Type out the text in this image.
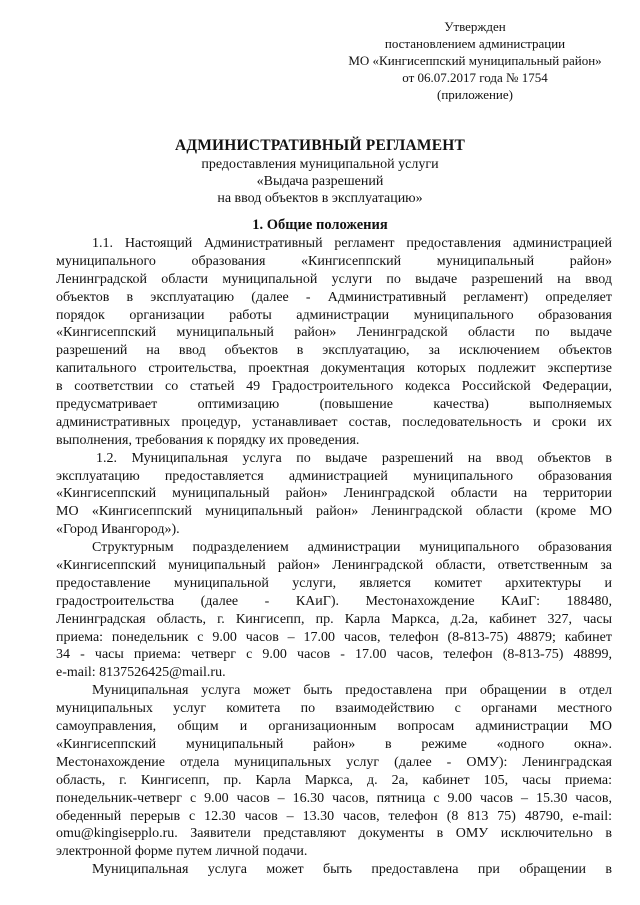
Утвержден
постановлением администрации
МО «Кингисеппский муниципальный район»
от 06.07.2017 года № 1754
(приложение)
АДМИНИСТРАТИВНЫЙ РЕГЛАМЕНТ
предоставления муниципальной услуги
«Выдача разрешений
на ввод объектов в эксплуатацию»
1. Общие положения
1.1. Настоящий Административный регламент предоставления администрацией
муниципального образования «Кингисеппский муниципальный район»
Ленинградской области муниципальной услуги по выдаче разрешений на ввод
объектов в эксплуатацию (далее - Административный регламент) определяет
порядок организации работы администрации муниципального образования
«Кингисеппский муниципальный район» Ленинградской области по выдаче
разрешений на ввод объектов в эксплуатацию, за исключением объектов
капитального строительства, проектная документация которых подлежит экспертизе
в соответствии со статьей 49 Градостроительного кодекса Российской Федерации,
предусматривает оптимизацию (повышение качества) выполняемых
административных процедур, устанавливает состав, последовательность и сроки их
выполнения, требования к порядку их проведения.
1.2. Муниципальная услуга по выдаче разрешений на ввод объектов в
эксплуатацию предоставляется администрацией муниципального образования
«Кингисеппский муниципальный район» Ленинградской области на территории
МО «Кингисеппский муниципальный район» Ленинградской области (кроме МО
«Город Ивангород»).
Структурным подразделением администрации муниципального образования
«Кингисеппский муниципальный район» Ленинградской области, ответственным за
предоставление муниципальной услуги, является комитет архитектуры и
градостроительства (далее - КАиГ). Местонахождение КАиГ: 188480,
Ленинградская область, г. Кингисепп, пр. Карла Маркса, д.2а, кабинет 327, часы
приема: понедельник с 9.00 часов – 17.00 часов, телефон (8-813-75) 48879; кабинет
34 - часы приема: четверг с 9.00 часов - 17.00 часов, телефон (8-813-75) 48899,
e-mail: 8137526425@mail.ru.
Муниципальная услуга может быть предоставлена при обращении в отдел
муниципальных услуг комитета по взаимодействию с органами местного
самоуправления, общим и организационным вопросам администрации МО
«Кингисеппский муниципальный район» в режиме «одного окна».
Местонахождение отдела муниципальных услуг (далее - ОМУ): Ленинградская
область, г. Кингисепп, пр. Карла Маркса, д. 2а, кабинет 105, часы приема:
понедельник-четверг с 9.00 часов – 16.30 часов, пятница с 9.00 часов – 15.30 часов,
обеденный перерыв с 12.30 часов – 13.30 часов, телефон (8 813 75) 48790, e-mail:
omu@kingisepplo.ru. Заявители представляют документы в ОМУ исключительно в
электронной форме путем личной подачи.
Муниципальная услуга может быть предоставлена при обращении в
